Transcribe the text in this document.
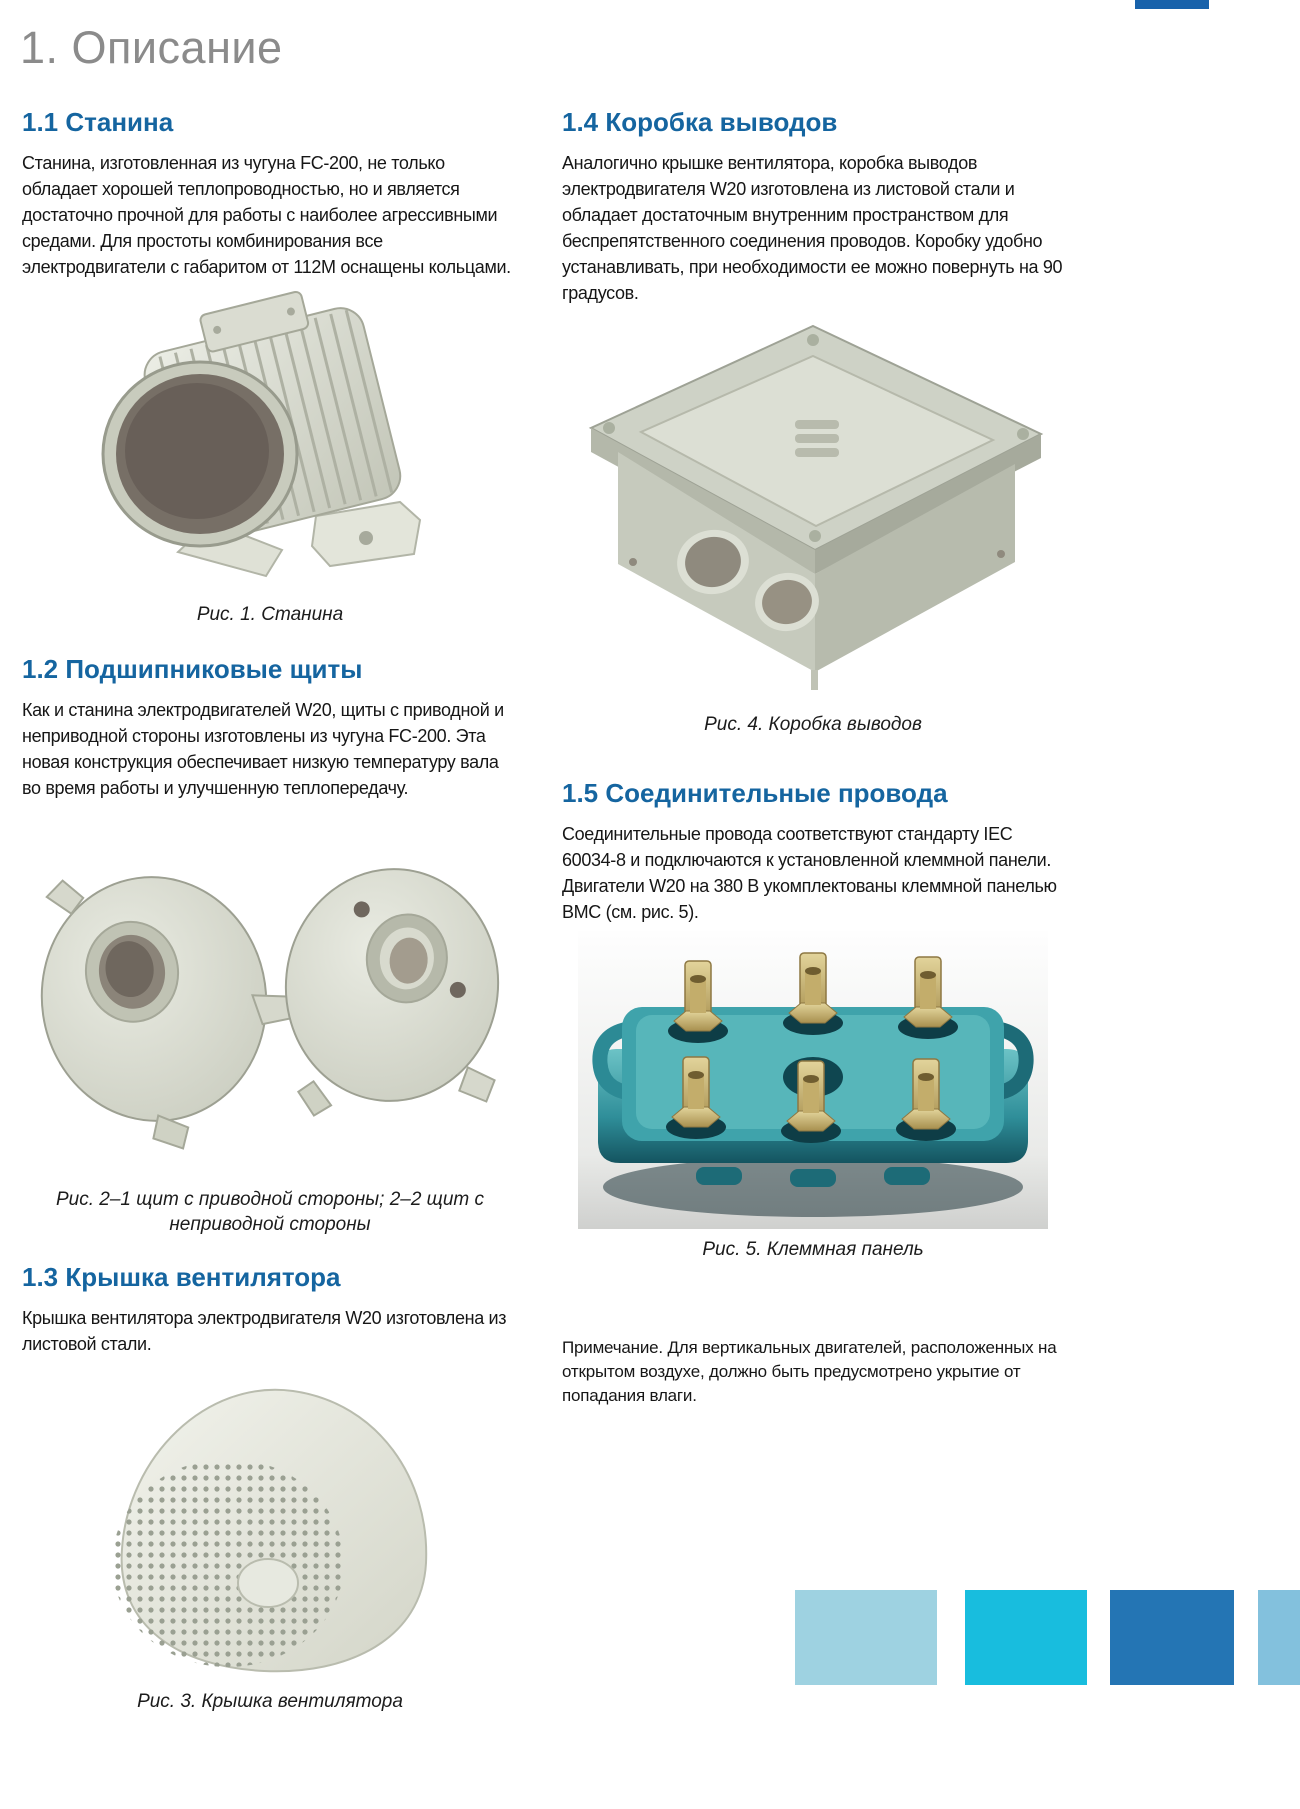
1. Описание
1.1 Станина

Станина, изготовленная из чугуна FC-200, не только обладает хорошей теплопроводностью, но и является достаточно прочной для работы с наиболее агрессивными средами. Для простоты комбинирования все электродвигатели с габаритом от 112М оснащены кольцами.

Рис. 1. Станина
1.2 Подшипниковые щиты

Как и станина электродвигателей W20, щиты с приводной и неприводной стороны изготовлены из чугуна FC-200. Эта новая конструкция обеспечивает низкую температуру вала во время работы и улучшенную теплопередачу.

Рис. 2–1 щит с приводной стороны; 2–2 щит с неприводной стороны
1.3 Крышка вентилятора

Крышка вентилятора электродвигателя W20 изготовлена из листовой стали.

Рис. 3. Крышка вентилятора
1.4 Коробка выводов

Аналогично крышке вентилятора, коробка выводов электродвигателя W20 изготовлена из листовой стали и обладает достаточным внутренним пространством для беспрепятственного соединения проводов. Коробку удобно устанавливать, при необходимости ее можно повернуть на 90 градусов.

Рис. 4. Коробка выводов
1.5 Соединительные провода

Соединительные провода соответствуют стандарту IEC 60034-8 и подключаются к установленной клеммной панели. Двигатели W20 на 380 В укомплектованы клеммной панелью BMC (см. рис. 5).

Рис. 5. Клеммная панель

Примечание. Для вертикальных двигателей, расположенных на открытом воздухе, должно быть предусмотрено укрытие от попадания влаги.
